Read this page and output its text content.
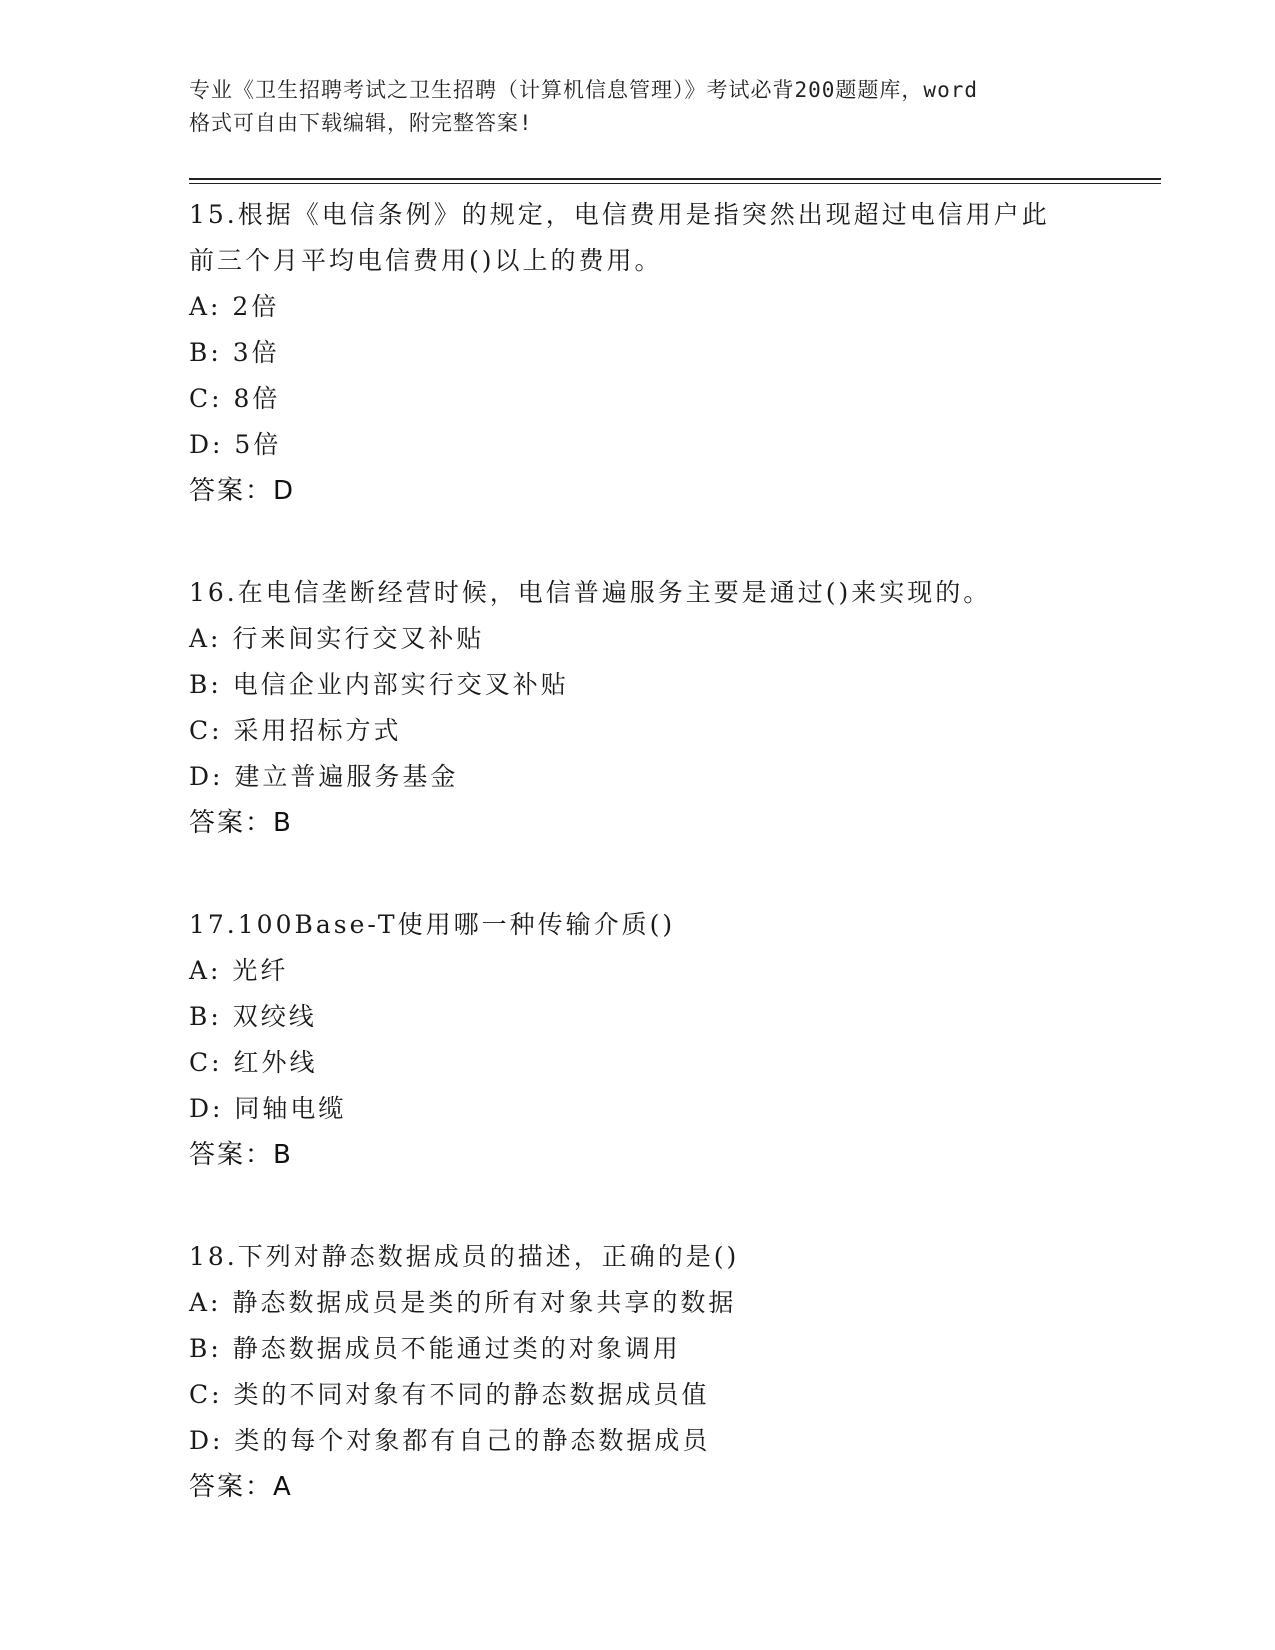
专业《卫生招聘考试之卫生招聘（计算机信息管理）》考试必背200题题库，word
格式可自由下载编辑，附完整答案!
15.根据《电信条例》的规定，电信费用是指突然出现超过电信用户此
前三个月平均电信费用()以上的费用。
A: 2倍
B: 3倍
C: 8倍
D: 5倍
答案：D
16.在电信垄断经营时候，电信普遍服务主要是通过()来实现的。
A: 行来间实行交叉补贴
B: 电信企业内部实行交叉补贴
C: 采用招标方式
D: 建立普遍服务基金
答案：B
17.100Base-T使用哪一种传输介质()
A: 光纤
B: 双绞线
C: 红外线
D: 同轴电缆
答案：B
18.下列对静态数据成员的描述，正确的是()
A: 静态数据成员是类的所有对象共享的数据
B: 静态数据成员不能通过类的对象调用
C: 类的不同对象有不同的静态数据成员值
D: 类的每个对象都有自己的静态数据成员
答案：A
